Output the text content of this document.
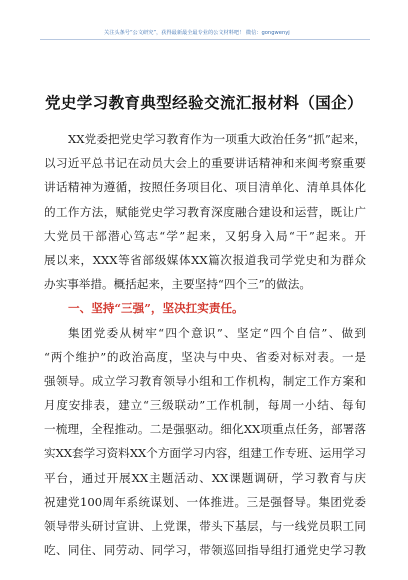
关注头条号“公文研究”，获得最新最全最专业的公文材料吧！ 微信：gongwenyj
党史学习教育典型经验交流汇报材料（国企）
XX党委把党史学习教育作为一项重大政治任务“抓”起来，
以习近平总书记在动员大会上的重要讲话精神和来闽考察重要
讲话精神为遵循，按照任务项目化、项目清单化、清单具体化
的工作方法，赋能党史学习教育深度融合建设和运营，既让广
大党员干部潜心笃志“学”起来，又躬身入局“干”起来。开
展以来，XXX等省部级媒体XX篇次报道我司学党史和为群众
办实事举措。概括起来，主要坚持“四个三”的做法。
一、坚持“三强”，坚决扛实责任。
集团党委从树牢“四个意识”、坚定“四个自信”、做到
“两个维护”的政治高度，坚决与中央、省委对标对表。一是
强领导。成立学习教育领导小组和工作机构，制定工作方案和
月度安排表，建立“三级联动”工作机制，每周一小结、每旬
一梳理，全程推动。二是强驱动。细化XX项重点任务，部署落
实XX套学习资料XX个方面学习内容，组建工作专班、运用学习
平台，通过开展XX主题活动、XX课题调研，学习教育与庆
祝建党100周年系统谋划、一体推进。三是强督导。集团党委
领导带头研讨宣讲、上党课，带头下基层，与一线党员职工同
吃、同住、同劳动、同学习，带领巡回指导组打通党史学习教
